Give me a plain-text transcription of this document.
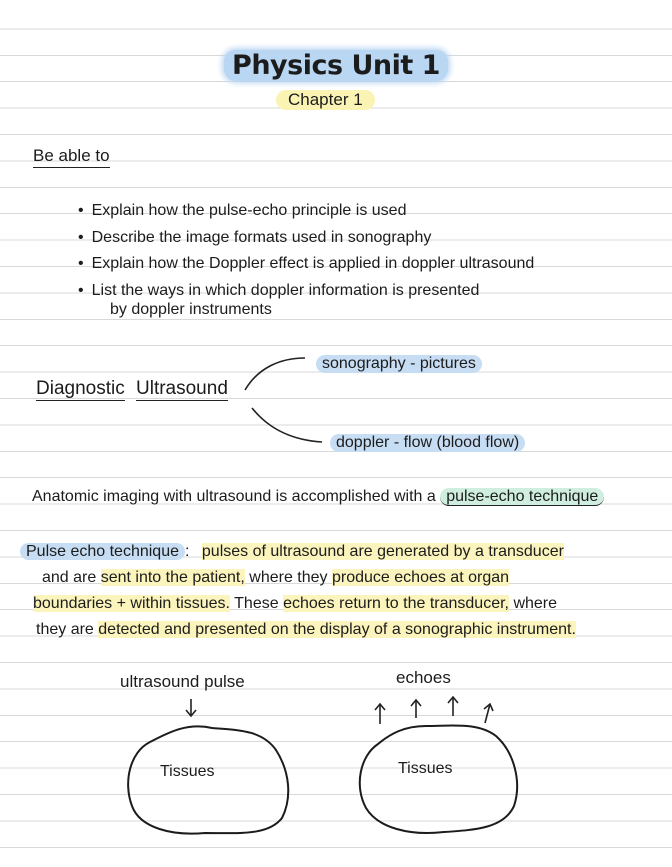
Physics Unit 1
Chapter 1
Be able to
• Explain how the pulse-echo principle is used
• Describe the image formats used in sonography
• Explain how the Doppler effect is applied in doppler ultrasound
• List the ways in which doppler information is presented
by doppler instruments
Diagnostic Ultrasound
sonography - pictures
doppler - flow (blood flow)
Anatomic imaging with ultrasound is accomplished with a pulse-echo technique
Pulse echo technique : pulses of ultrasound are generated by a transducer
and are sent into the patient, where they produce echoes at organ
boundaries + within tissues. These echoes return to the transducer, where
they are detected and presented on the display of a sonographic instrument.
ultrasound pulse	echoes
Tissues	Tissues
